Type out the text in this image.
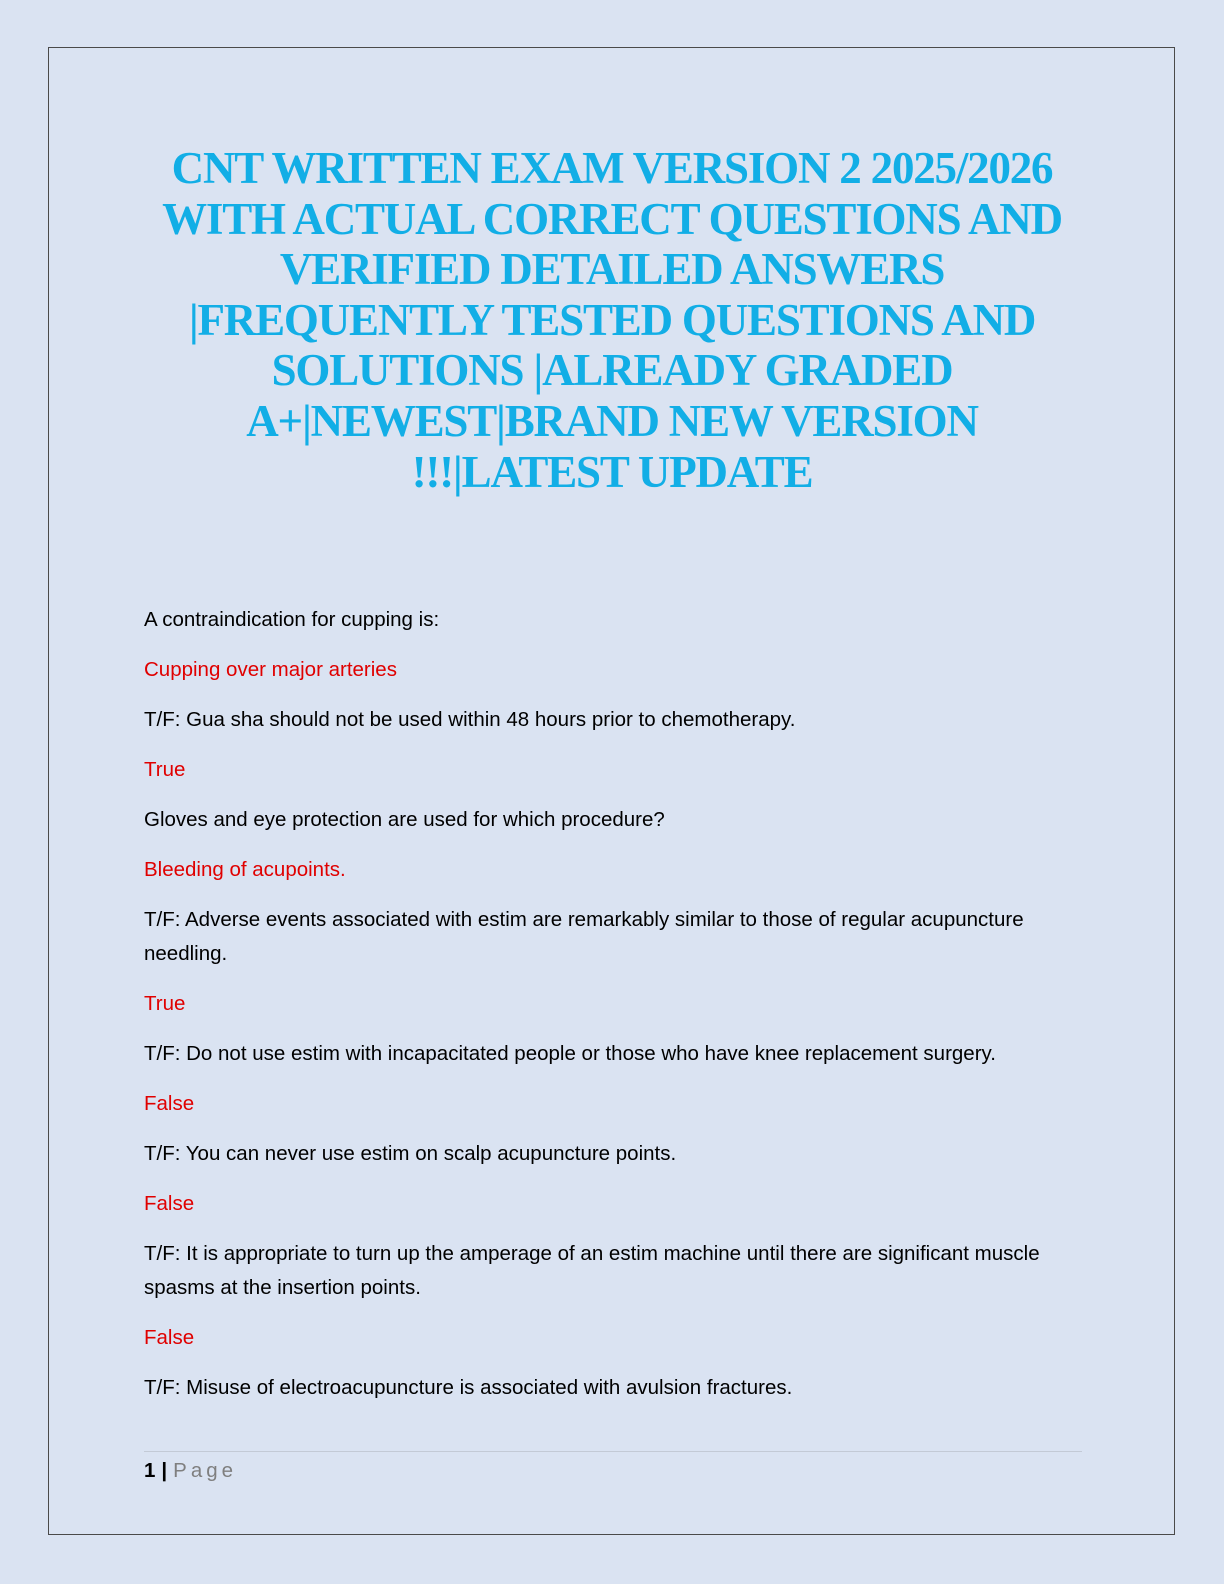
CNT WRITTEN EXAM VERSION 2 2025/2026
WITH ACTUAL CORRECT QUESTIONS AND
VERIFIED DETAILED ANSWERS
|FREQUENTLY TESTED QUESTIONS AND
SOLUTIONS |ALREADY GRADED
A+|NEWEST|BRAND NEW VERSION
!!!|LATEST UPDATE

A contraindication for cupping is:

Cupping over major arteries

T/F: Gua sha should not be used within 48 hours prior to chemotherapy.

True

Gloves and eye protection are used for which procedure?

Bleeding of acupoints.

T/F: Adverse events associated with estim are remarkably similar to those of regular acupuncture needling.

True

T/F: Do not use estim with incapacitated people or those who have knee replacement surgery.

False

T/F: You can never use estim on scalp acupuncture points.

False

T/F: It is appropriate to turn up the amperage of an estim machine until there are significant muscle spasms at the insertion points.

False

T/F: Misuse of electroacupuncture is associated with avulsion fractures.

1 | Page
